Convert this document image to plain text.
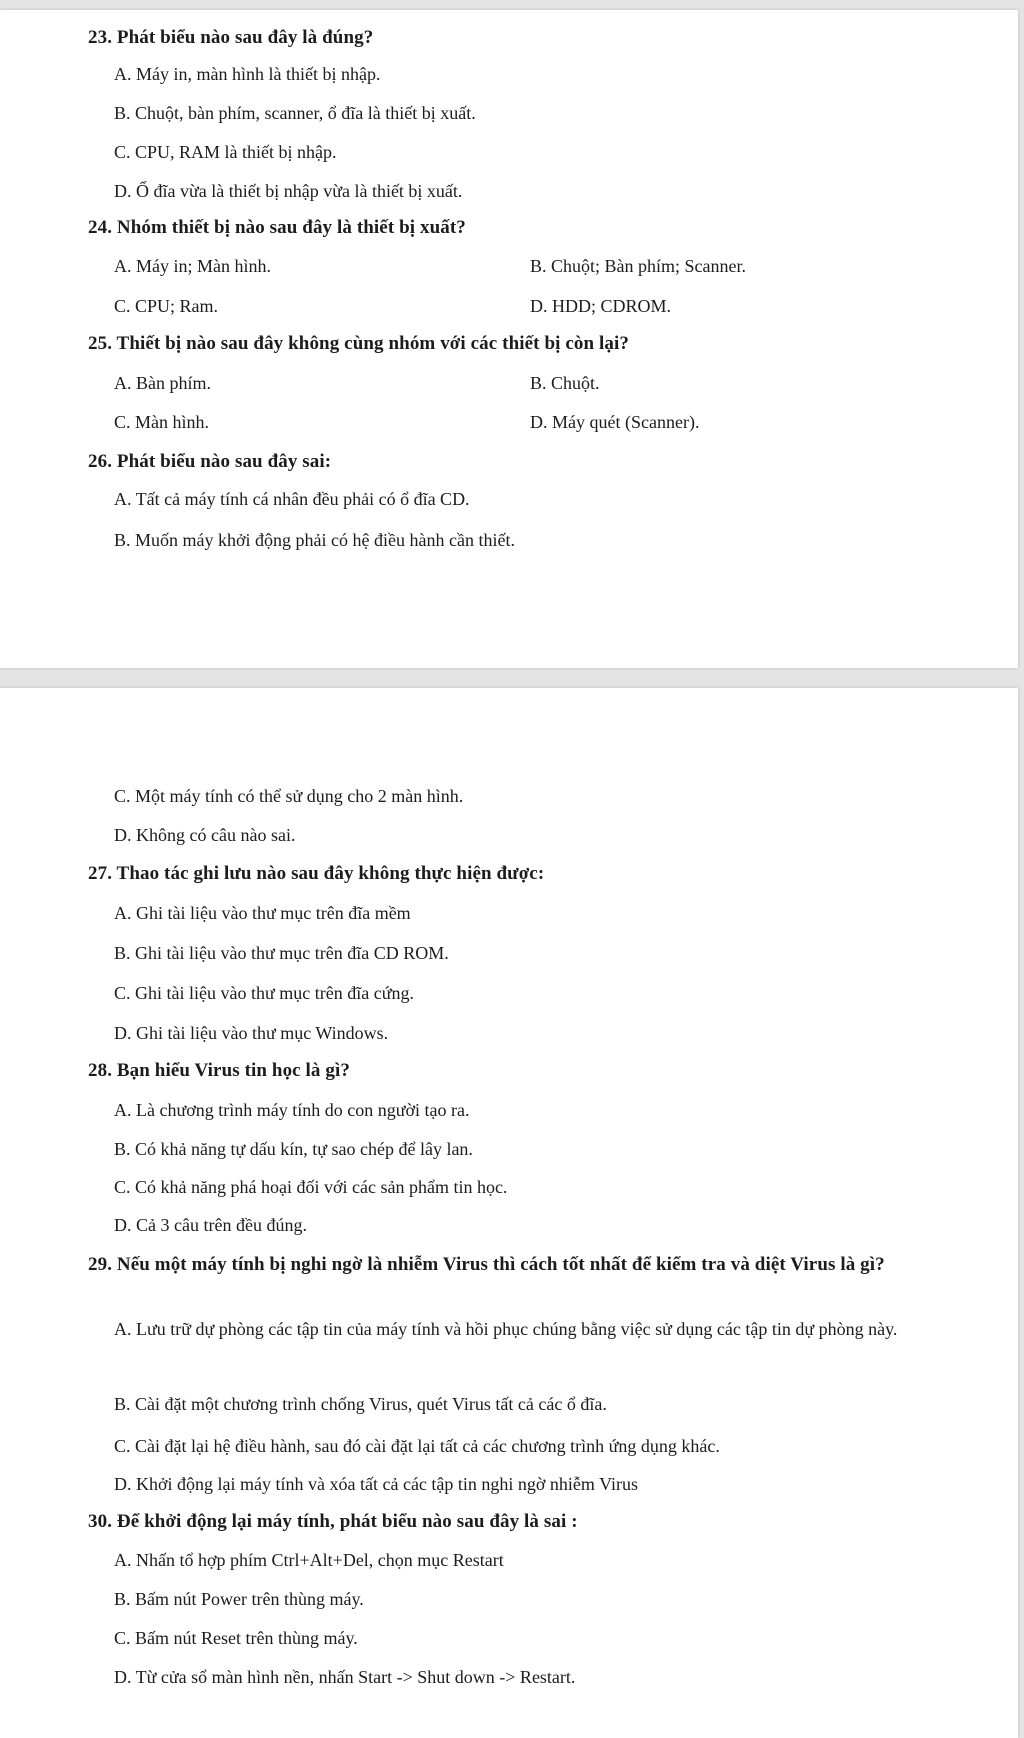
23. Phát biểu nào sau đây là đúng?

A. Máy in, màn hình là thiết bị nhập.

B. Chuột, bàn phím, scanner, ổ đĩa là thiết bị xuất.

C. CPU, RAM là thiết bị nhập.

D. Ổ đĩa vừa là thiết bị nhập vừa là thiết bị xuất.

24. Nhóm thiết bị nào sau đây là thiết bị xuất?

A. Máy in; Màn hình.	B. Chuột; Bàn phím; Scanner.

C. CPU; Ram.	D. HDD; CDROM.

25. Thiết bị nào sau đây không cùng nhóm với các thiết bị còn lại?

A. Bàn phím.	B. Chuột.

C. Màn hình.	D. Máy quét (Scanner).

26. Phát biểu nào sau đây sai:

A. Tất cả máy tính cá nhân đều phải có ổ đĩa CD.

B. Muốn máy khởi động phải có hệ điều hành cần thiết.

C. Một máy tính có thể sử dụng cho 2 màn hình.

D. Không có câu nào sai.

27. Thao tác ghi lưu nào sau đây không thực hiện được:

A. Ghi tài liệu vào thư mục trên đĩa mềm

B. Ghi tài liệu vào thư mục trên đĩa CD ROM.

C. Ghi tài liệu vào thư mục trên đĩa cứng.

D. Ghi tài liệu vào thư mục Windows.

28. Bạn hiểu Virus tin học là gì?

A. Là chương trình máy tính do con người tạo ra.

B. Có khả năng tự dấu kín, tự sao chép để lây lan.

C. Có khả năng phá hoại đối với các sản phẩm tin học.

D. Cả 3 câu trên đều đúng.

29. Nếu một máy tính bị nghi ngờ là nhiễm Virus thì cách tốt nhất để kiểm tra và diệt Virus là gì?

A. Lưu trữ dự phòng các tập tin của máy tính và hồi phục chúng bằng việc sử dụng các tập tin dự phòng này.

B. Cài đặt một chương trình chống Virus, quét Virus tất cả các ổ đĩa.

C. Cài đặt lại hệ điều hành, sau đó cài đặt lại tất cả các chương trình ứng dụng khác.

D. Khởi động lại máy tính và xóa tất cả các tập tin nghi ngờ nhiễm Virus

30. Để khởi động lại máy tính, phát biểu nào sau đây là sai :

A. Nhấn tổ hợp phím Ctrl+Alt+Del, chọn mục Restart

B. Bấm nút Power trên thùng máy.

C. Bấm nút Reset trên thùng máy.

D. Từ cửa sổ màn hình nền, nhấn Start -> Shut down -> Restart.
